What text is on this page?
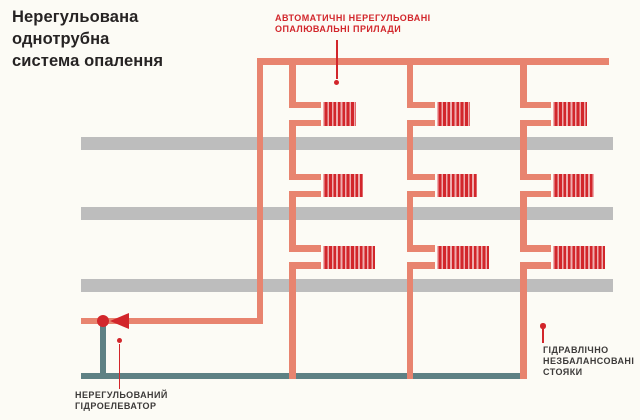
Нерегульована
однотрубна
система опалення
АВТОМАТИЧНІ НЕРЕГУЛЬОВАНІ
ОПАЛЮВАЛЬНІ ПРИЛАДИ
НЕРЕГУЛЬОВАНИЙ
ГІДРОЕЛЕВАТОР
ГІДРАВЛІЧНО
НЕЗБАЛАНСОВАНІ
СТОЯКИ
